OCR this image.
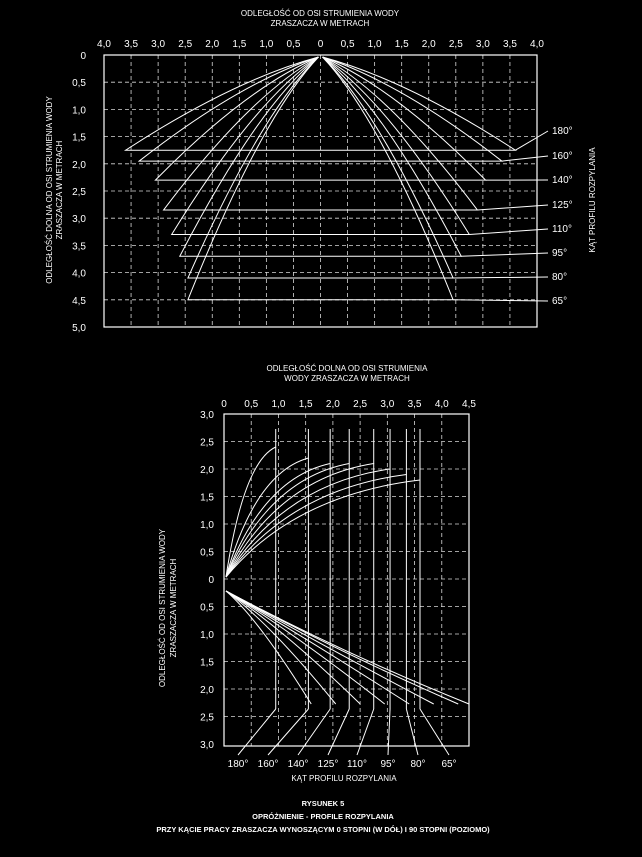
ODLEGŁOŚĆ OD OSI STRUMIENIA WODY
ZRASZACZA W METRACH
4,0 3,5 3,0 2,5 2,0 1,5 1,0 0,5 0 0,5 1,0 1,5 2,0 2,5 3,0 3,5 4,0
0
0,5
1,0
1,5
2,0
2,5
3,0
3,5
4,0
4,5
5,0
180°
160°
140°
125°
110°
95°
80°
65°
ODLEGŁOŚĆ DOLNA OD OSI STRUMIENIA WODY ZRASZACZA W METRACH	KĄT PROFILU ROZPYLANIA
ODLEGŁOŚĆ DOLNA OD OSI STRUMIENIA
WODY ZRASZACZA W METRACH
0 0,5 1,0 1,5 2,0 2,5 3,0 3,5 4,0 4,5
3,0
2,5
2,0
1,5
1,0
0,5
0
0,5
1,0
1,5
2,0
2,5
3,0
180° 160° 140° 125° 110° 95° 80° 65°
KĄT PROFILU ROZPYLANIA
ODLEGŁOŚĆ OD OSI STRUMIENIA WODY ZRASZACZA W METRACH
RYSUNEK 5
OPRÓŻNIENIE - PROFILE ROZPYLANIA
PRZY KĄCIE PRACY ZRASZACZA WYNOSZĄCYM 0 STOPNI (W DÓŁ) I 90 STOPNI (POZIOMO)
